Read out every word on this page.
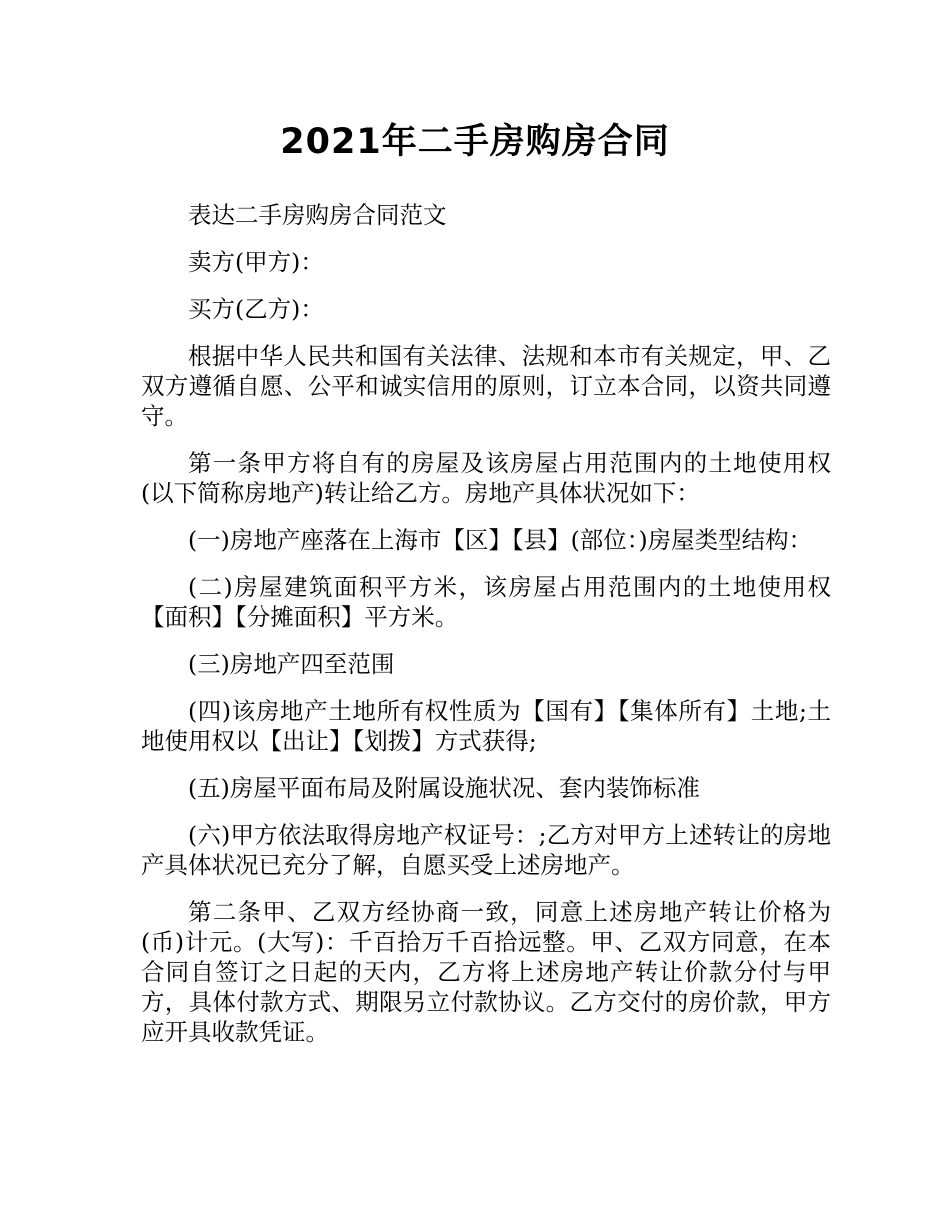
2021年二手房购房合同

表达二手房购房合同范文

卖方(甲方)：

买方(乙方)：

根据中华人民共和国有关法律、法规和本市有关规定，甲、乙双方遵循自愿、公平和诚实信用的原则，订立本合同，以资共同遵守。

第一条甲方将自有的房屋及该房屋占用范围内的土地使用权(以下简称房地产)转让给乙方。房地产具体状况如下：

(一)房地产座落在上海市【区】【县】(部位：)房屋类型结构：

(二)房屋建筑面积平方米，该房屋占用范围内的土地使用权【面积】【分摊面积】平方米。

(三)房地产四至范围

(四)该房地产土地所有权性质为【国有】【集体所有】土地;土地使用权以【出让】【划拨】方式获得;

(五)房屋平面布局及附属设施状况、套内装饰标准

(六)甲方依法取得房地产权证号：;乙方对甲方上述转让的房地产具体状况已充分了解，自愿买受上述房地产。

第二条甲、乙双方经协商一致，同意上述房地产转让价格为(币)计元。(大写)：千百拾万千百拾远整。甲、乙双方同意，在本合同自签订之日起的天内，乙方将上述房地产转让价款分付与甲方，具体付款方式、期限另立付款协议。乙方交付的房价款，甲方应开具收款凭证。
